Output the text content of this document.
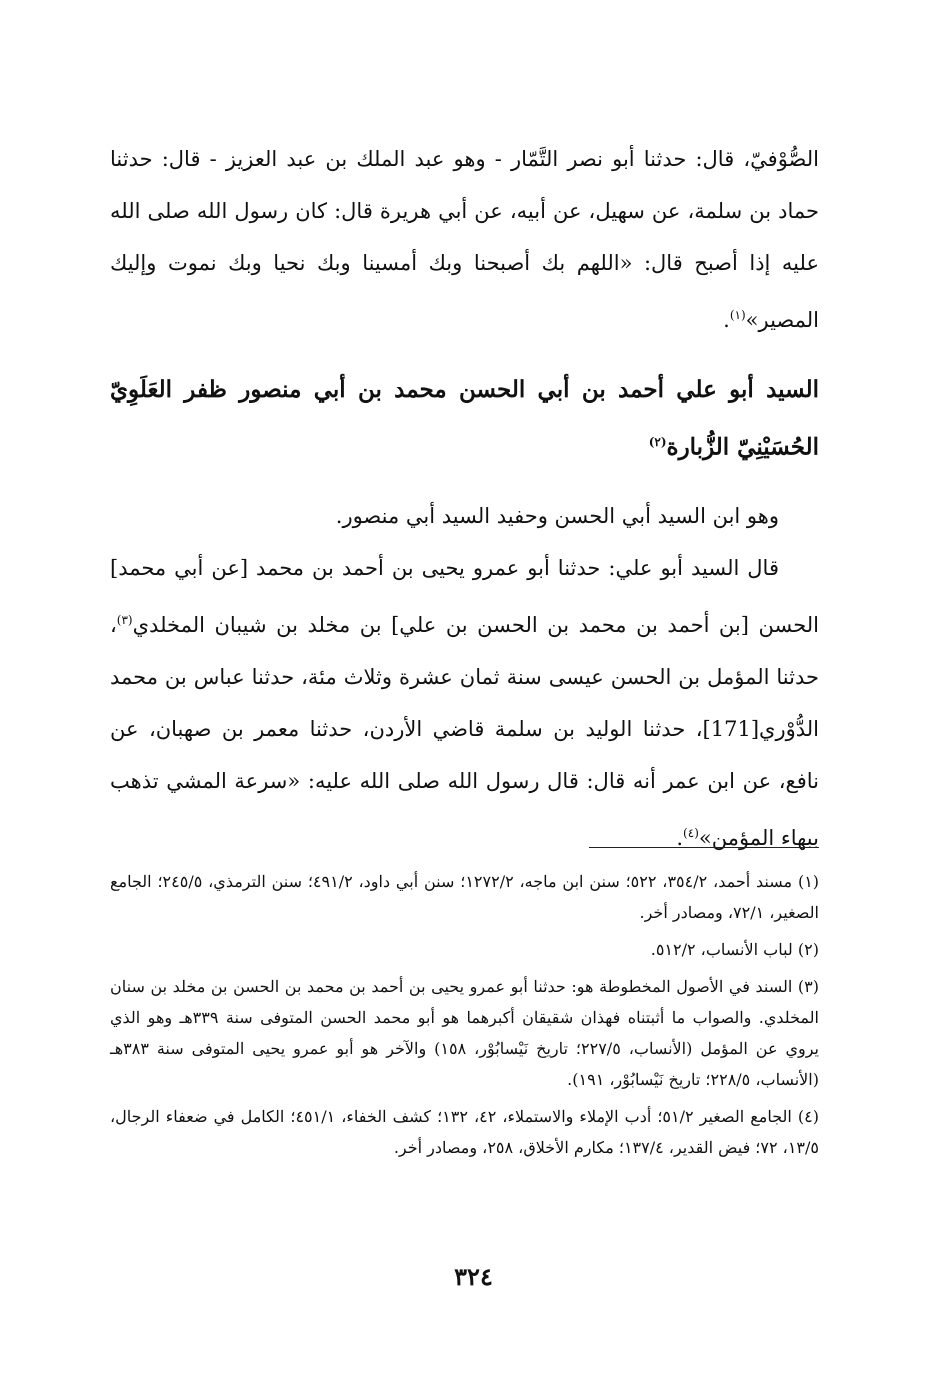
الصُّوْفيّ، قال: حدثنا أبو نصر التَّمّار - وهو عبد الملك بن عبد العزيز - قال: حدثنا حماد بن سلمة، عن سهيل، عن أبيه، عن أبي هريرة قال: كان رسول الله صلى الله عليه إذا أصبح قال: «اللهم بك أصبحنا وبك أمسينا وبك نحيا وبك نموت وإليك المصير»$^{(١)}$.

السيد أبو علي أحمد بن أبي الحسن محمد بن أبي منصور ظفر العَلَوِيّ الحُسَيْنِيّ الزُّبارة$^{(٢)}$

وهو ابن السيد أبي الحسن وحفيد السيد أبي منصور.

قال السيد أبو علي: حدثنا أبو عمرو يحيى بن أحمد بن محمد [عن أبي محمد] الحسن [بن أحمد بن محمد بن الحسن بن علي] بن مخلد بن شيبان المخلدي$^{(٣)}$، حدثنا المؤمل بن الحسن عيسى سنة ثمان عشرة وثلاث مئة، حدثنا عباس بن محمد الدُّوْري[171]، حدثنا الوليد بن سلمة قاضي الأردن، حدثنا معمر بن صهبان، عن نافع، عن ابن عمر أنه قال: قال رسول الله صلى الله عليه: «سرعة المشي تذهب ببهاء المؤمن»$^{(٤)}$.

(١) مسند أحمد، ٣٥٤/٢، ٥٢٢؛ سنن ابن ماجه، ١٢٧٢/٢؛ سنن أبي داود، ٤٩١/٢؛ سنن الترمذي، ٢٤٥/٥؛ الجامع الصغير، ٧٢/١، ومصادر أخر.

(٢) لباب الأنساب، ٥١٢/٢.

(٣) السند في الأصول المخطوطة هو: حدثنا أبو عمرو يحيى بن أحمد بن محمد بن الحسن بن مخلد بن سنان المخلدي. والصواب ما أثبتناه فهذان شقيقان أكبرهما هو أبو محمد الحسن المتوفى سنة ٣٣٩هـ وهو الذي يروي عن المؤمل (الأنساب، ٢٢٧/٥؛ تاريخ نَيْسابُوْر، ١٥٨) والآخر هو أبو عمرو يحيى المتوفى سنة ٣٨٣هـ (الأنساب، ٢٢٨/٥؛ تاريخ نَيْسابُوْر، ١٩١).

(٤) الجامع الصغير ٥١/٢؛ أدب الإملاء والاستملاء، ٤٢، ١٣٢؛ كشف الخفاء، ٤٥١/١؛ الكامل في ضعفاء الرجال، ١٣/٥، ٧٢؛ فيض القدير، ١٣٧/٤؛ مكارم الأخلاق، ٢٥٨، ومصادر أخر.

٣٢٤
